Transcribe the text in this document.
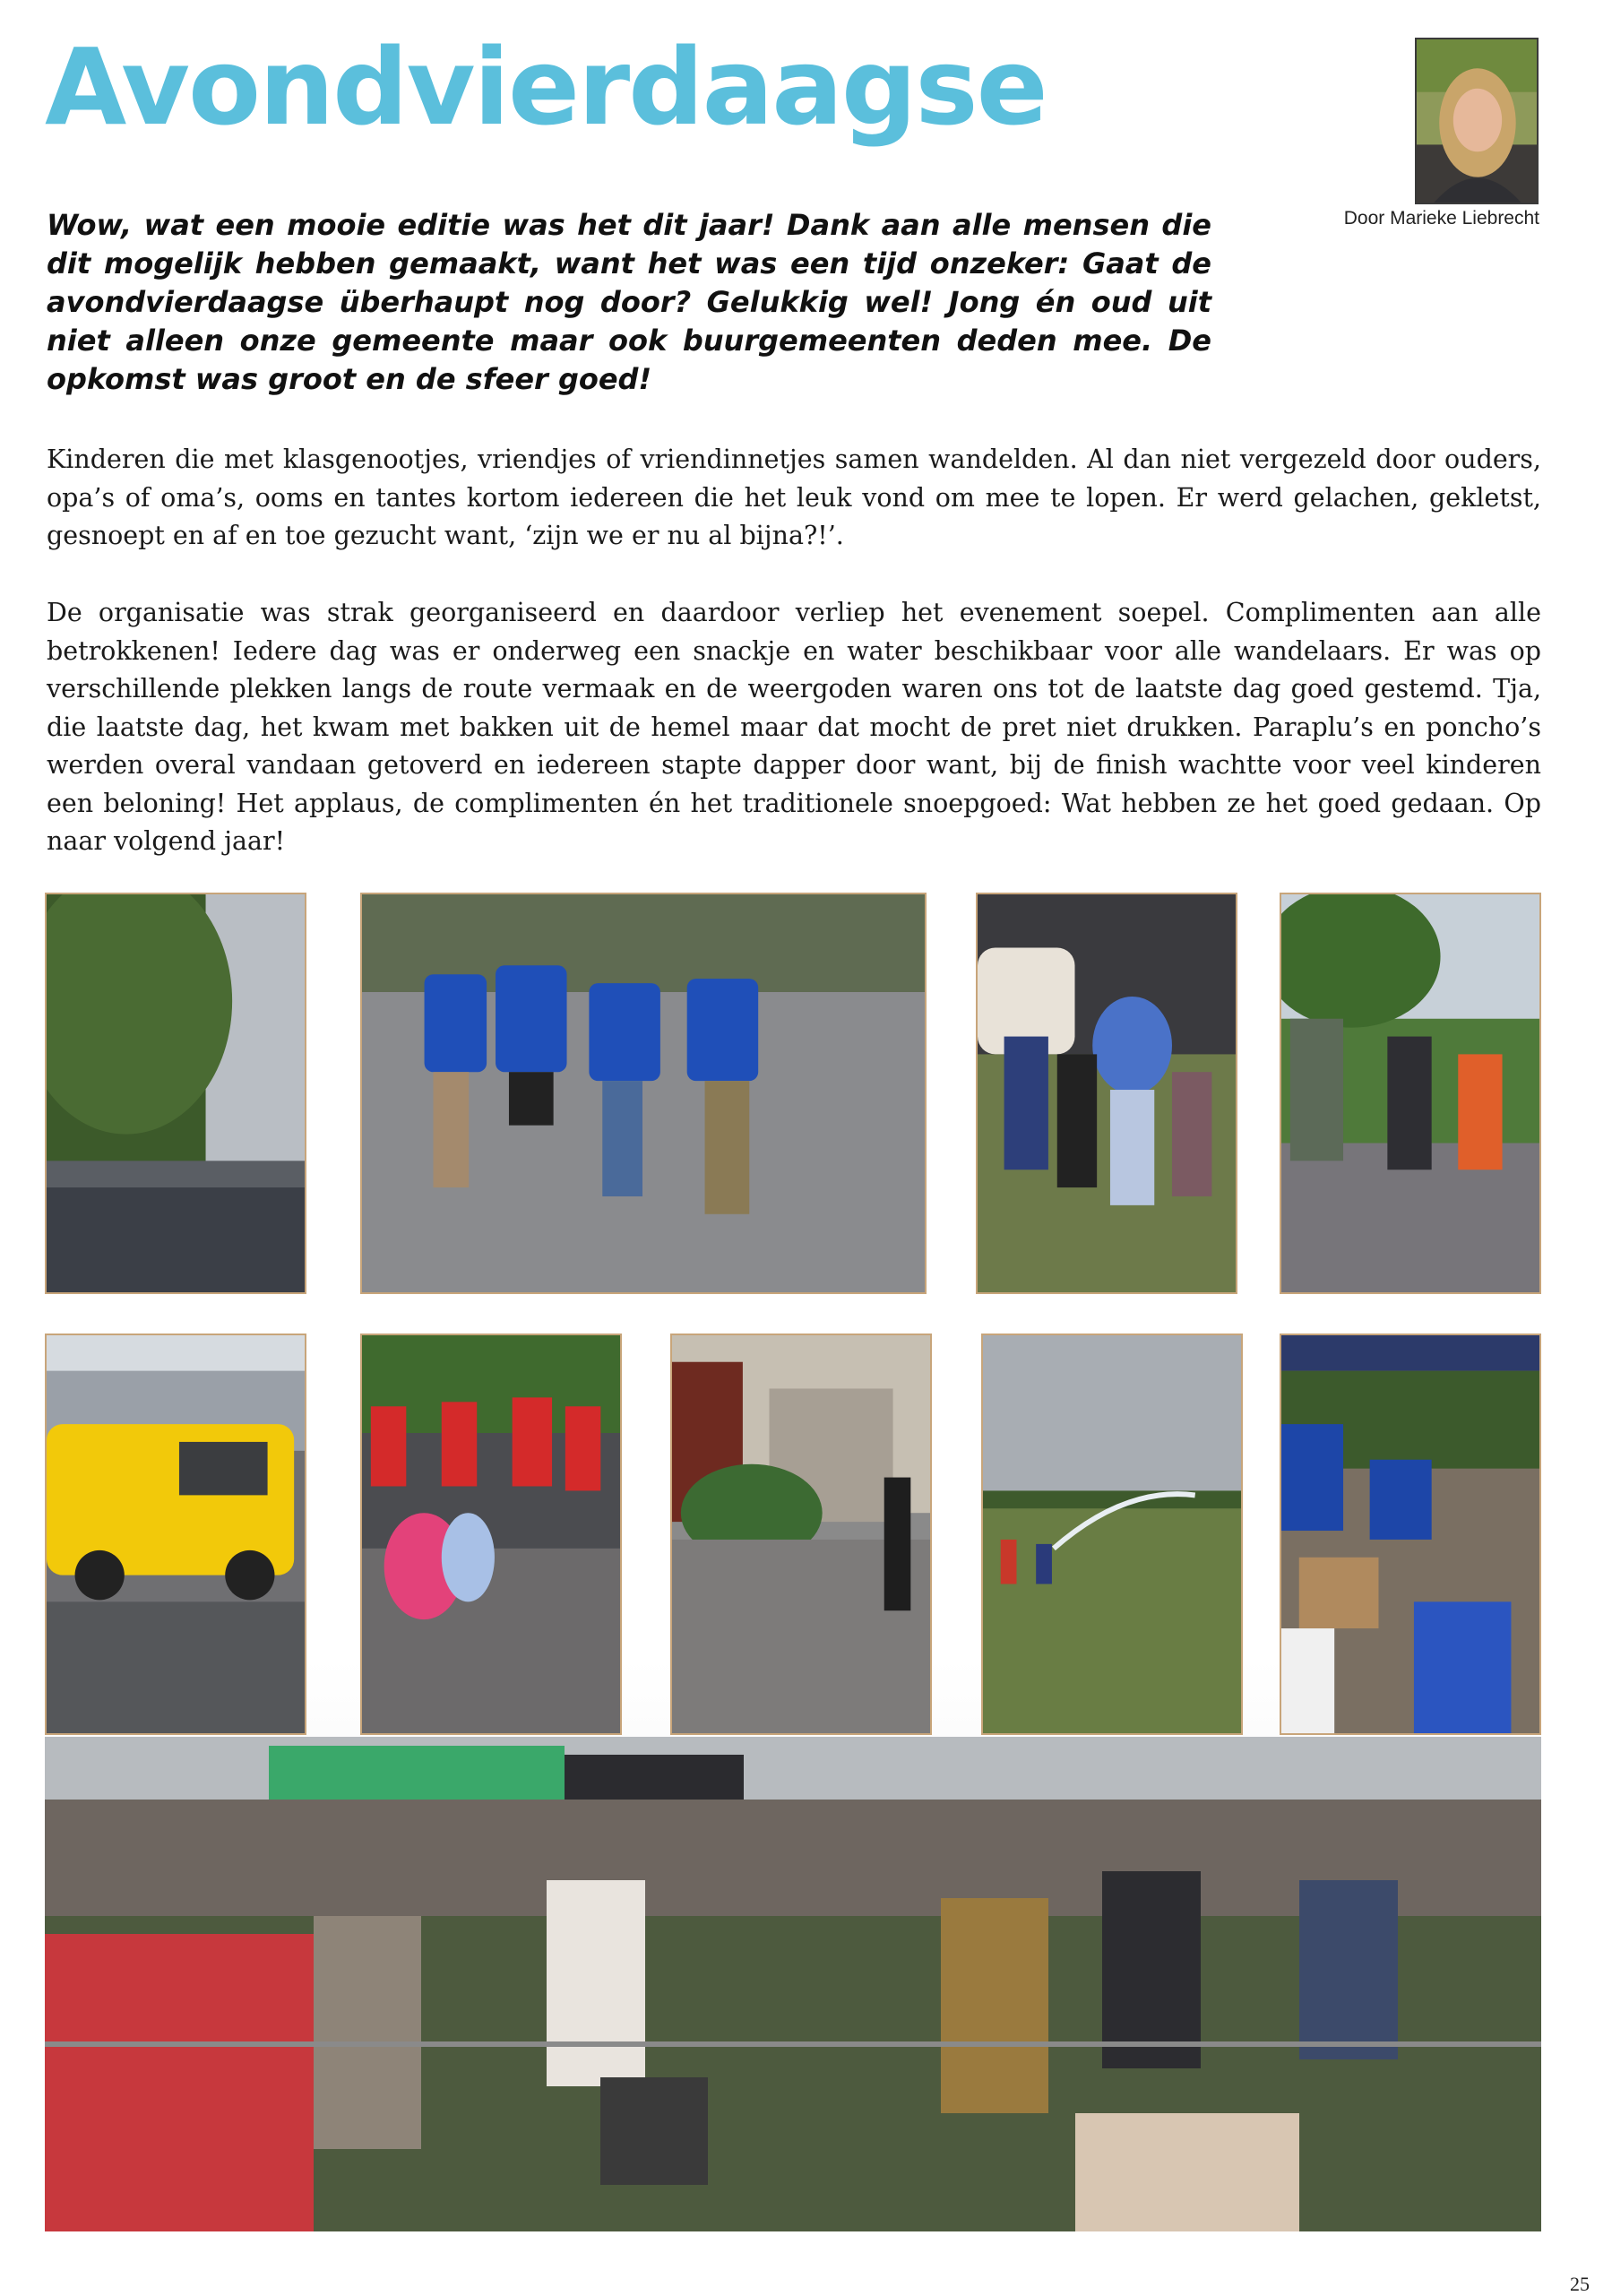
Avondvierdaagse
Door Marieke Liebrecht

Wow, wat een mooie editie was het dit jaar! Dank aan alle mensen die dit mogelijk hebben gemaakt, want het was een tijd onzeker: Gaat de avondvierdaagse überhaupt nog door? Gelukkig wel! Jong én oud uit niet alleen onze gemeente maar ook buurgemeenten deden mee. De opkomst was groot en de sfeer goed!

Kinderen die met klasgenootjes, vriendjes of vriendinnetjes samen wandelden. Al dan niet vergezeld door ouders, opa’s of oma’s, ooms en tantes kortom iedereen die het leuk vond om mee te lopen. Er werd gelachen, gekletst, gesnoept en af en toe gezucht want, ‘zijn we er nu al bijna?!’.

De organisatie was strak georganiseerd en daardoor verliep het evenement soepel. Complimenten aan alle betrokkenen! Iedere dag was er onderweg een snackje en water beschikbaar voor alle wandelaars. Er was op verschillende plekken langs de route vermaak en de weergoden waren ons tot de laatste dag goed gestemd. Tja, die laatste dag, het kwam met bakken uit de hemel maar dat mocht de pret niet drukken. Paraplu’s en poncho’s werden overal vandaan getoverd en iedereen stapte dapper door want, bij de finish wachtte voor veel kinderen een beloning! Het applaus, de complimenten én het traditionele snoepgoed: Wat hebben ze het goed gedaan. Op naar volgend jaar!

25
